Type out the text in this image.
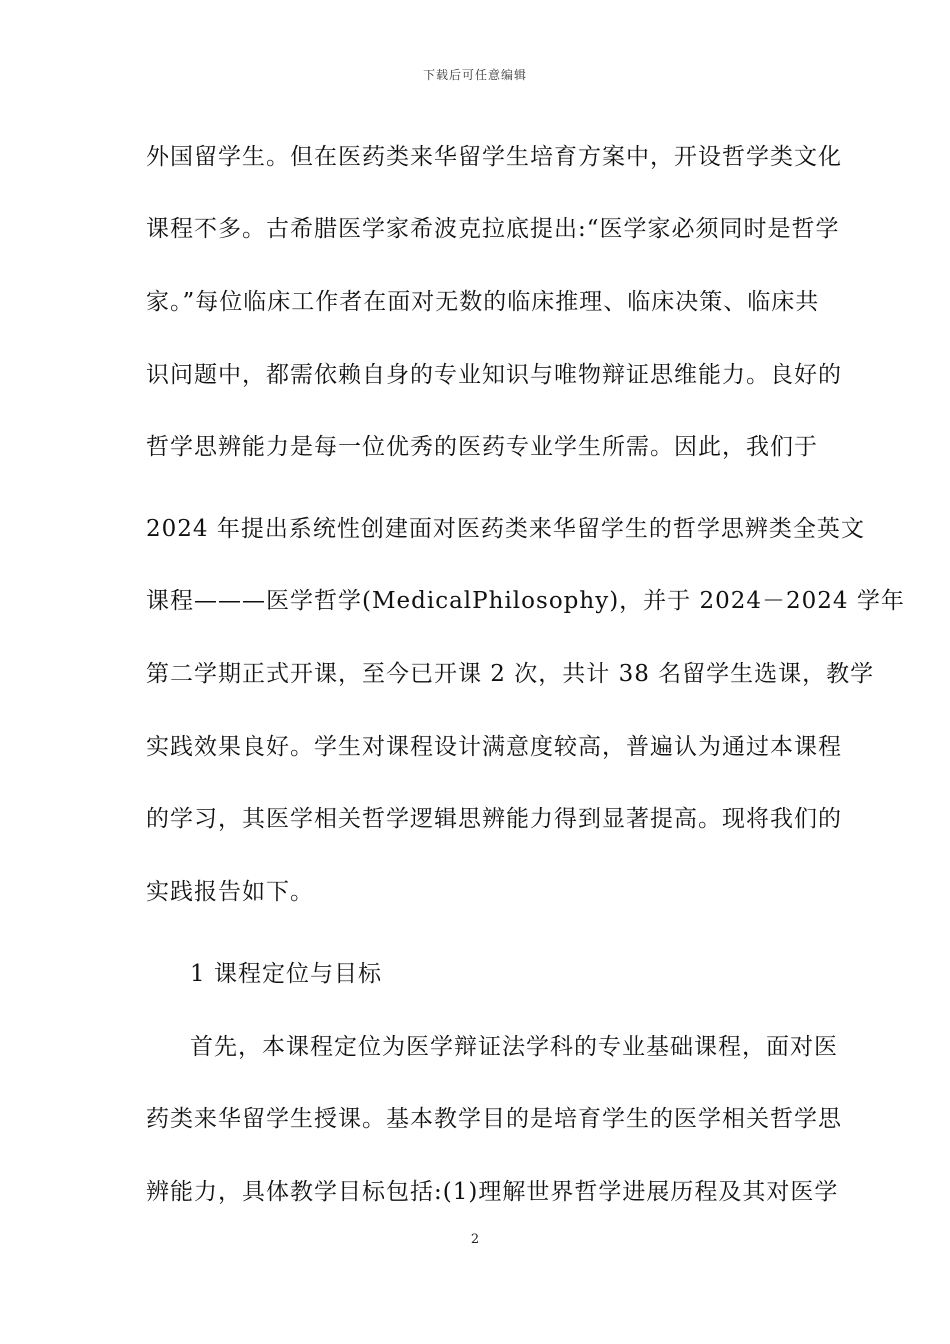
下载后可任意编辑
外国留学生。但在医药类来华留学生培育方案中，开设哲学类文化
课程不多。古希腊医学家希波克拉底提出:“医学家必须同时是哲学
家。”每位临床工作者在面对无数的临床推理、临床决策、临床共
识问题中，都需依赖自身的专业知识与唯物辩证思维能力。良好的
哲学思辨能力是每一位优秀的医药专业学生所需。因此，我们于
2024 年提出系统性创建面对医药类来华留学生的哲学思辨类全英文
课程———医学哲学(MedicalPhilosophy)，并于 2024－2024 学年
第二学期正式开课，至今已开课 2 次，共计 38 名留学生选课，教学
实践效果良好。学生对课程设计满意度较高，普遍认为通过本课程
的学习，其医学相关哲学逻辑思辨能力得到显著提高。现将我们的
实践报告如下。
1 课程定位与目标
首先，本课程定位为医学辩证法学科的专业基础课程，面对医
药类来华留学生授课。基本教学目的是培育学生的医学相关哲学思
辨能力，具体教学目标包括:(1)理解世界哲学进展历程及其对医学
2
